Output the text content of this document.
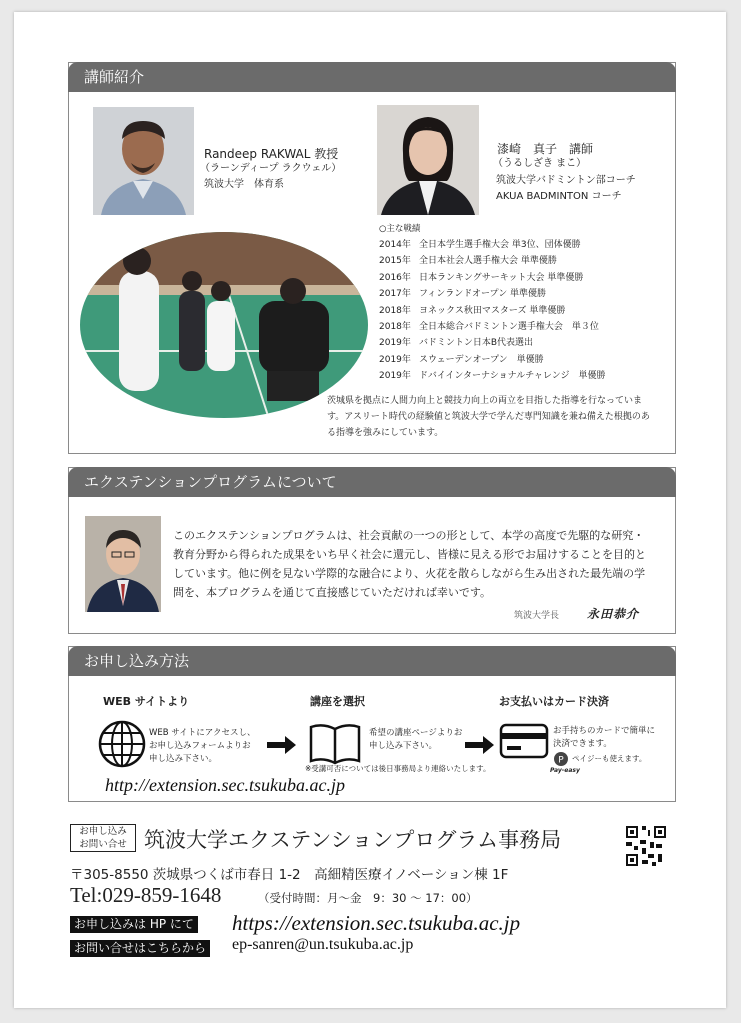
講師紹介
Randeep RAKWAL 教授
（ラーンディープ ラクウェル）
筑波大学　体育系
漆崎　真子　講師
（うるしざき まこ）
筑波大学バドミントン部コーチ
AKUA BADMINTON コーチ
○主な戦績
2014年 全日本学生選手権大会 単3位、団体優勝
2015年 全日本社会人選手権大会 単準優勝
2016年 日本ランキングサーキット大会 単準優勝
2017年 フィンランドオープン 単準優勝
2018年 ヨネックス秋田マスターズ 単準優勝
2018年 全日本総合バドミントン選手権大会　単３位
2019年 バドミントン日本B代表選出
2019年 スウェーデンオープン　単優勝
2019年 ドバイインターナショナルチャレンジ　単優勝
茨城県を拠点に人間力向上と競技力向上の両立を目指した指導を行なっています。アスリート時代の経験値と筑波大学で学んだ専門知識を兼ね備えた根拠のある指導を強みにしています。
エクステンションプログラムについて
このエクステンションプログラムは、社会貢献の一つの形として、本学の高度で先駆的な研究・教育分野から得られた成果をいち早く社会に還元し、皆様に見える形でお届けすることを目的としています。他に例を見ない学際的な融合により、火花を散らしながら生み出された最先端の学問を、本プログラムを通じて直接感じていただければ幸いです。
筑波大学長 永田恭介
お申し込み方法
WEB サイトより
WEB サイトにアクセスし、お申し込みフォームよりお申し込み下さい。
講座を選択
希望の講座ページよりお申し込み下さい。
お支払いはカード決済
お手持ちのカードで簡単に決済できます。
P
Pay-easy
ペイジーも使えます。
※受講可否については後日事務局より連絡いたします。
http://extension.sec.tsukuba.ac.jp
お申し込み
お問い合せ 筑波大学エクステンションプログラム事務局
〒305-8550 茨城県つくば市春日 1-2　高細精医療イノベーション棟 1F
Tel:029-859-1648	（受付時間：月～金　9：30 ～ 17：00）
お申し込みは HP にて https://extension.sec.tsukuba.ac.jp
お問い合せはこちらから ep-sanren@un.tsukuba.ac.jp
